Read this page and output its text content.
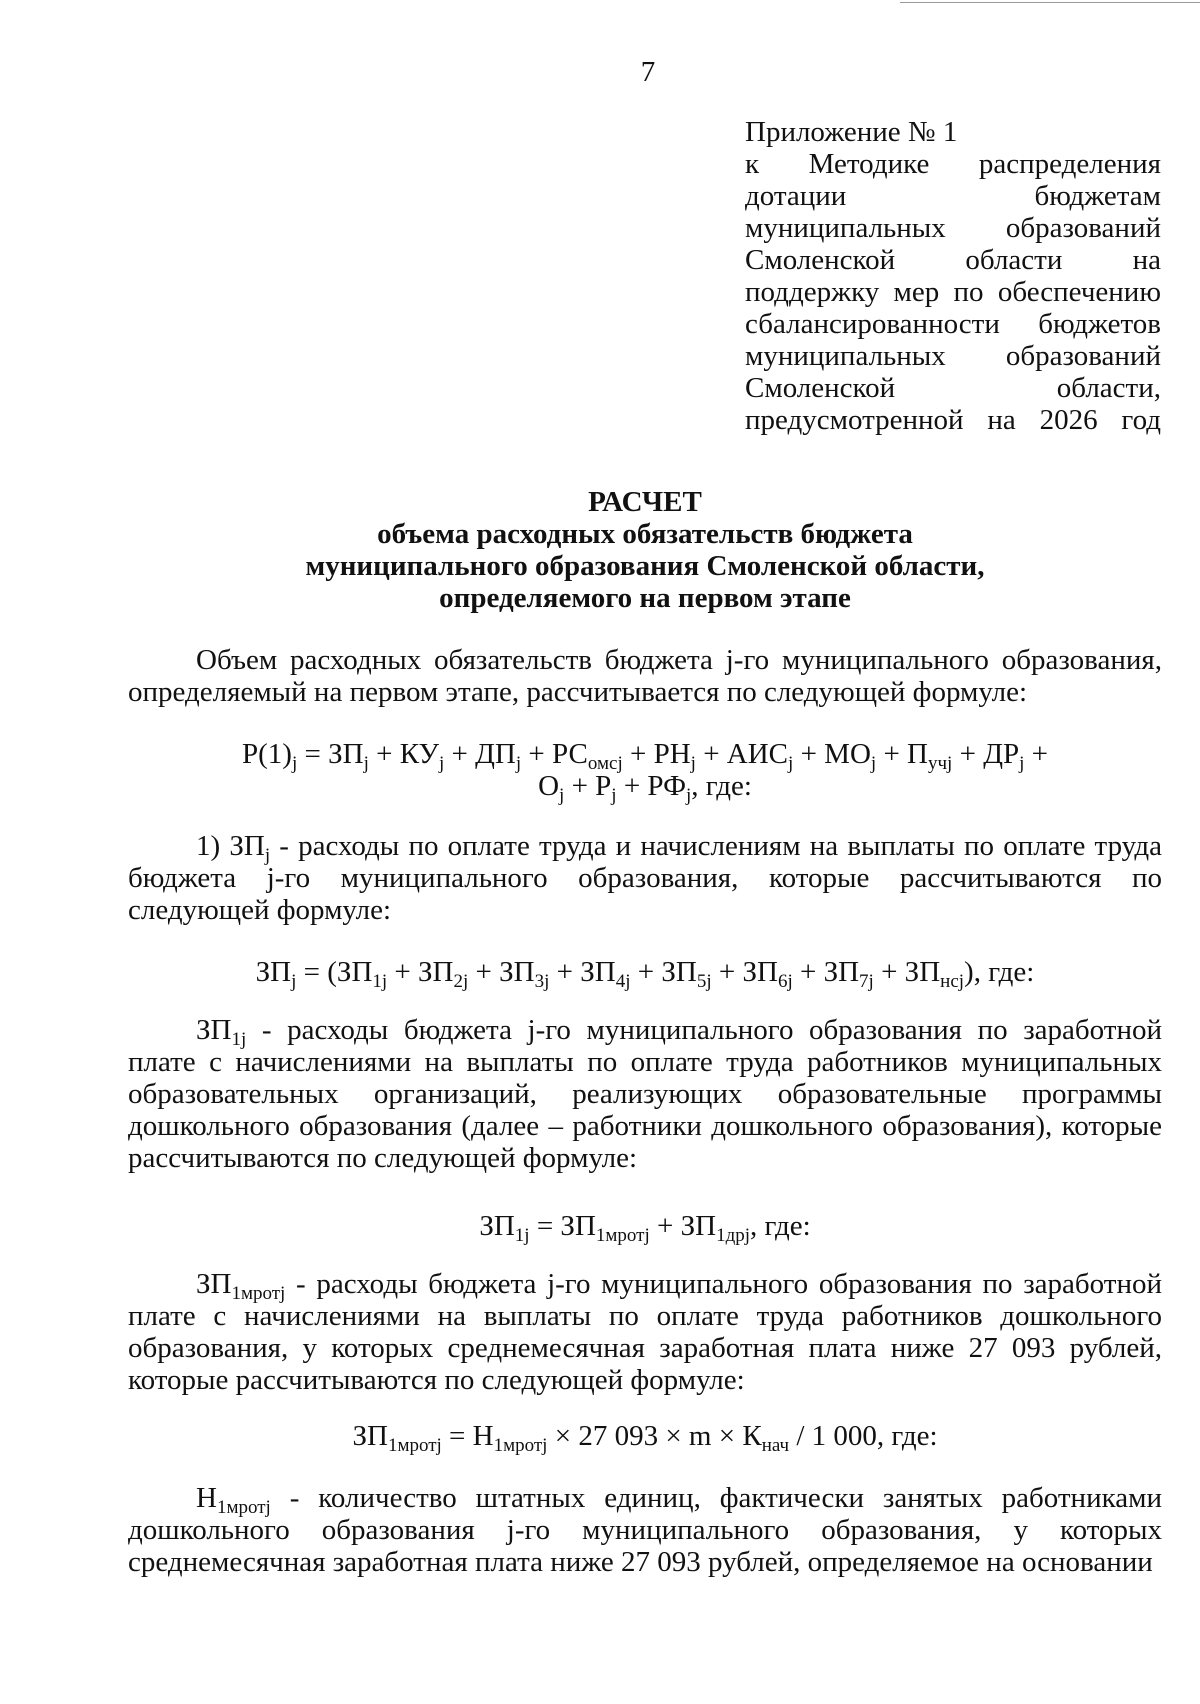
7
Приложение № 1
к Методике распределения
дотации бюджетам
муниципальных образований
Смоленской области на
поддержку мер по обеспечению
сбалансированности бюджетов
муниципальных образований
Смоленской области,
предусмотренной на 2026 год
РАСЧЕТ
объема расходных обязательств бюджета
муниципального образования Смоленской области,
определяемого на первом этапе

Объем расходных обязательств бюджета j-го муниципального образования, определяемый на первом этапе, рассчитывается по следующей формуле:

$P(1)_j = ЗП_j + КУ_j + ДП_j + РС_{омсj} + РН_j + АИС_j + МО_j + П_{учj} + ДР_j$ +
$О_j + Р_j + РФ_j$, где:

1) $ЗП_j$ - расходы по оплате труда и начислениям на выплаты по оплате труда бюджета j-го муниципального образования, которые рассчитываются по следующей формуле:

$ЗП_j = (ЗП_{1j} + ЗП_{2j} + ЗП_{3j} + ЗП_{4j} + ЗП_{5j} + ЗП_{6j} + ЗП_{7j} + ЗП_{нсj})$, где:

$ЗП_{1j}$ - расходы бюджета j-го муниципального образования по заработной плате с начислениями на выплаты по оплате труда работников муниципальных образовательных организаций, реализующих образовательные программы дошкольного образования (далее – работники дошкольного образования), которые рассчитываются по следующей формуле:

$ЗП_{1j} = ЗП_{1мротj} + ЗП_{1дрj}$, где:

$ЗП_{1мротj}$ - расходы бюджета j-го муниципального образования по заработной плате с начислениями на выплаты по оплате труда работников дошкольного образования, у которых среднемесячная заработная плата ниже 27 093 рублей, которые рассчитываются по следующей формуле:

$ЗП_{1мротj} = Н_{1мротj} \times 27$ $093 \times m \times К_{нач} / 1$ 000, где:

$Н_{1мротj}$ - количество штатных единиц, фактически занятых работниками дошкольного образования j-го муниципального образования, у которых среднемесячная заработная плата ниже 27 093 рублей, определяемое на основании
